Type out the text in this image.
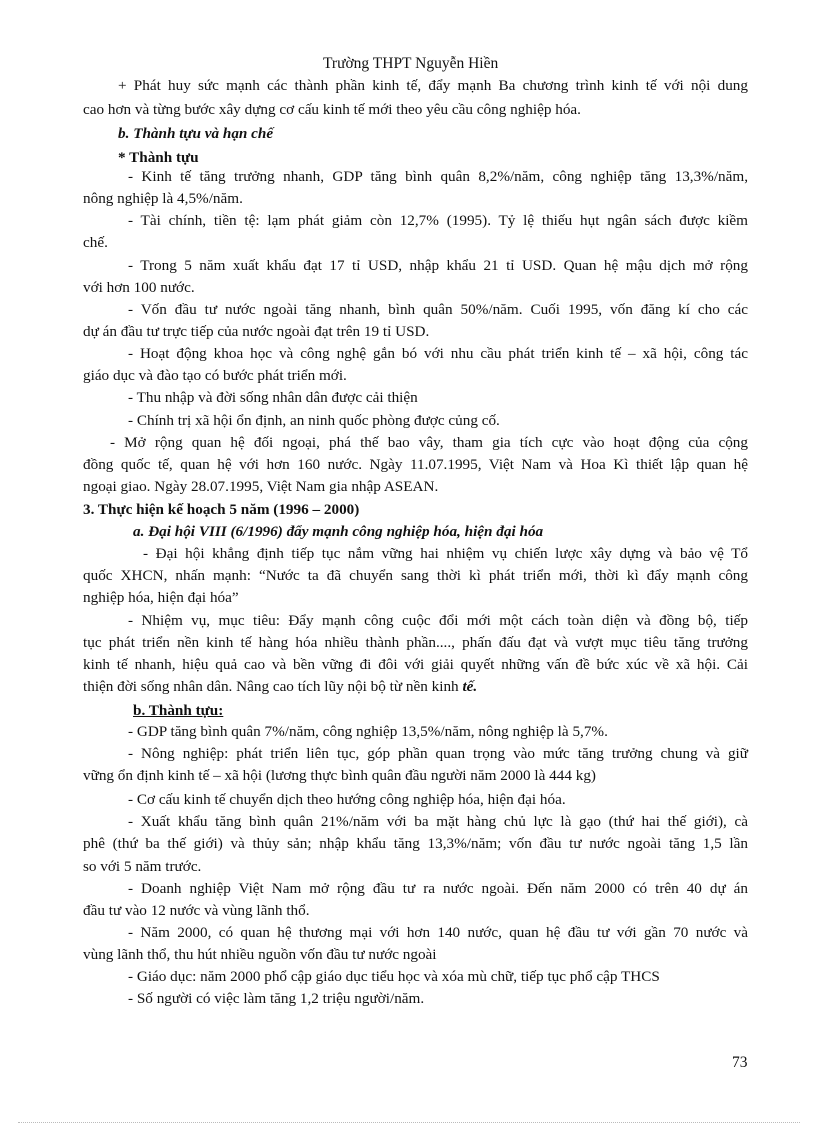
Trường THPT Nguyễn Hiền
+ Phát huy sức mạnh các thành phần kinh tế, đẩy mạnh Ba chương trình kinh tế với nội dung
cao hơn và từng bước xây dựng cơ cấu kinh tế mới theo yêu cầu công nghiệp hóa.
b. Thành tựu và hạn chế
* Thành tựu
- Kinh tế tăng trưởng nhanh, GDP tăng bình quân 8,2%/năm, công nghiệp tăng 13,3%/năm,
nông nghiệp là 4,5%/năm.
- Tài chính, tiền tệ: lạm phát giảm còn 12,7% (1995). Tỷ lệ thiếu hụt ngân sách được kiềm
chế.
- Trong 5 năm xuất khẩu đạt 17 tỉ USD, nhập khẩu 21 tỉ USD. Quan hệ mậu dịch mở rộng
với hơn 100 nước.
- Vốn đầu tư nước ngoài tăng nhanh, bình quân 50%/năm. Cuối 1995, vốn đăng kí cho các
dự án đầu tư trực tiếp của nước ngoài đạt trên 19 tỉ USD.
- Hoạt động khoa học và công nghệ gắn bó với nhu cầu phát triển kinh tế – xã hội, công tác
giáo dục và đào tạo có bước phát triển mới.
- Thu nhập và đời sống nhân dân được cải thiện
- Chính trị xã hội ổn định, an ninh quốc phòng được củng cố.
- Mở rộng quan hệ đối ngoại, phá thế bao vây, tham gia tích cực vào hoạt động của cộng
đồng quốc tế, quan hệ với hơn 160 nước. Ngày 11.07.1995, Việt Nam và Hoa Kì thiết lập quan hệ
ngoại giao. Ngày 28.07.1995, Việt Nam gia nhập ASEAN.
3. Thực hiện kế hoạch 5 năm (1996 – 2000)
a. Đại hội VIII (6/1996) đẩy mạnh công nghiệp hóa, hiện đại hóa
- Đại hội khẳng định tiếp tục nắm vững hai nhiệm vụ chiến lược xây dựng và bảo vệ Tổ
quốc XHCN, nhấn mạnh: “Nước ta đã chuyển sang thời kì phát triển mới, thời kì đẩy mạnh công
nghiệp hóa, hiện đại hóa”
- Nhiệm vụ, mục tiêu: Đẩy mạnh công cuộc đổi mới một cách toàn diện và đồng bộ, tiếp
tục phát triển nền kinh tế hàng hóa nhiều thành phần...., phấn đấu đạt và vượt mục tiêu tăng trưởng
kinh tế nhanh, hiệu quả cao và bền vững đi đôi với giải quyết những vấn đề bức xúc về xã hội. Cải
thiện đời sống nhân dân. Nâng cao tích lũy nội bộ từ nền kinh tế.
b. Thành tựu:
- GDP tăng bình quân 7%/năm, công nghiệp 13,5%/năm, nông nghiệp là 5,7%.
- Nông nghiệp: phát triển liên tục, góp phần quan trọng vào mức tăng trưởng chung và giữ
vững ổn định kinh tế – xã hội (lương thực bình quân đầu người năm 2000 là 444 kg)
- Cơ cấu kinh tế chuyển dịch theo hướng công nghiệp hóa, hiện đại hóa.
- Xuất khẩu tăng bình quân 21%/năm với ba mặt hàng chủ lực là gạo (thứ hai thế giới), cà
phê (thứ ba thế giới) và thủy sản; nhập khẩu tăng 13,3%/năm; vốn đầu tư nước ngoài tăng 1,5 lần
so với 5 năm trước.
- Doanh nghiệp Việt Nam mở rộng đầu tư ra nước ngoài. Đến năm 2000 có trên 40 dự án
đầu tư vào 12 nước và vùng lãnh thổ.
- Năm 2000, có quan hệ thương mại với hơn 140 nước, quan hệ đầu tư với gần 70 nước và
vùng lãnh thổ, thu hút nhiều nguồn vốn đầu tư nước ngoài
- Giáo dục: năm 2000 phổ cập giáo dục tiểu học và xóa mù chữ, tiếp tục phổ cập THCS
- Số người có việc làm tăng 1,2 triệu người/năm.
73
